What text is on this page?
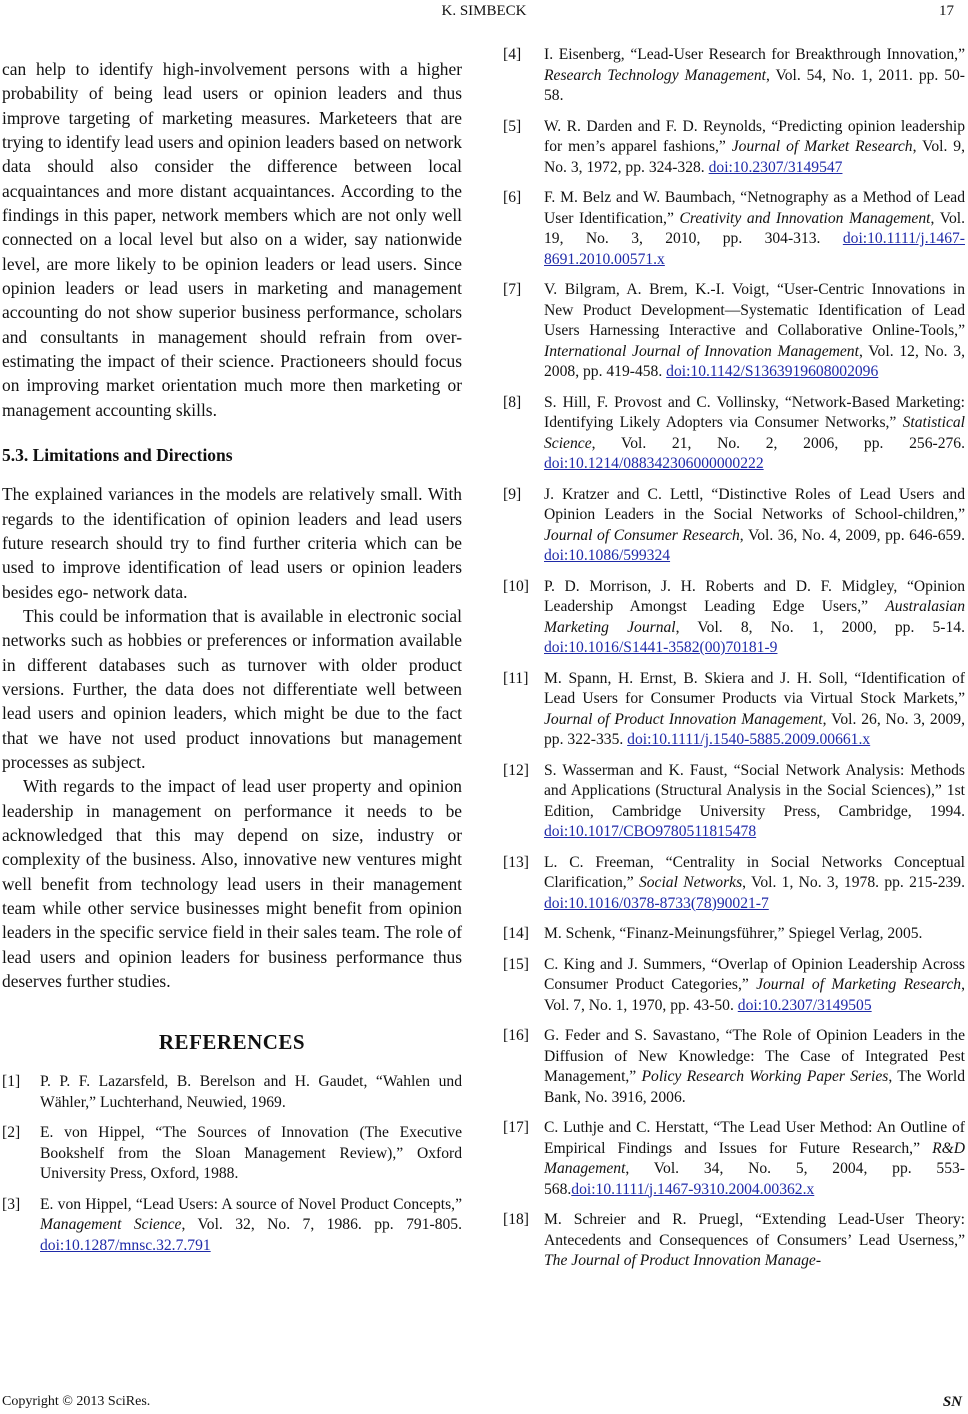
K. SIMBECK	17

can help to identify high-involvement persons with a higher probability of being lead users or opinion leaders and thus improve targeting of marketing measures. Marketeers that are trying to identify lead users and opinion leaders based on network data should also consider the difference between local acquaintances and more distant acquaintances. According to the findings in this paper, network members which are not only well connected on a local level but also on a wider, say nationwide level, are more likely to be opinion leaders or lead users. Since opinion leaders or lead users in marketing and management accounting do not show superior business performance, scholars and consultants in management should refrain from over-estimating the impact of their science. Practioneers should focus on improving market orientation much more then marketing or management accounting skills.

5.3. Limitations and Directions

The explained variances in the models are relatively small. With regards to the identification of opinion leaders and lead users future research should try to find further criteria which can be used to improve identification of lead users or opinion leaders besides ego- network data.

This could be information that is available in electronic social networks such as hobbies or preferences or information available in different databases such as turnover with older product versions. Further, the data does not differentiate well between lead users and opinion leaders, which might be due to the fact that we have not used product innovations but management processes as subject.

With regards to the impact of lead user property and opinion leadership in management on performance it needs to be acknowledged that this may depend on size, industry or complexity of the business. Also, innovative new ventures might well benefit from technology lead users in their management team while other service businesses might benefit from opinion leaders in the specific service field in their sales team. The role of lead users and opinion leaders for business performance thus deserves further studies.

REFERENCES
[1] P. P. F. Lazarsfeld, B. Berelson and H. Gaudet, “Wahlen und Wähler,” Luchterhand, Neuwied, 1969.
[2] E. von Hippel, “The Sources of Innovation (The Executive Bookshelf from the Sloan Management Review),” Oxford University Press, Oxford, 1988.
[3] E. von Hippel, “Lead Users: A source of Novel Product Concepts,” Management Science, Vol. 32, No. 7, 1986. pp. 791-805. doi:10.1287/mnsc.32.7.791
[4] I. Eisenberg, “Lead-User Research for Breakthrough Innovation,” Research Technology Management, Vol. 54, No. 1, 2011. pp. 50-58.
[5] W. R. Darden and F. D. Reynolds, “Predicting opinion leadership for men’s apparel fashions,” Journal of Market Research, Vol. 9, No. 3, 1972, pp. 324-328. doi:10.2307/3149547
[6] F. M. Belz and W. Baumbach, “Netnography as a Method of Lead User Identification,” Creativity and Innovation Management, Vol. 19, No. 3, 2010, pp. 304-313. doi:10.1111/j.1467-8691.2010.00571.x
[7] V. Bilgram, A. Brem, K.-I. Voigt, “User-Centric Innovations in New Product Development—Systematic Identification of Lead Users Harnessing Interactive and Collaborative Online-Tools,” International Journal of Innovation Management, Vol. 12, No. 3, 2008, pp. 419-458. doi:10.1142/S1363919608002096
[8] S. Hill, F. Provost and C. Vollinsky, “Network-Based Marketing: Identifying Likely Adopters via Consumer Networks,” Statistical Science, Vol. 21, No. 2, 2006, pp. 256-276. doi:10.1214/088342306000000222
[9] J. Kratzer and C. Lettl, “Distinctive Roles of Lead Users and Opinion Leaders in the Social Networks of School-children,” Journal of Consumer Research, Vol. 36, No. 4, 2009, pp. 646-659. doi:10.1086/599324
[10] P. D. Morrison, J. H. Roberts and D. F. Midgley, “Opinion Leadership Amongst Leading Edge Users,” Australasian Marketing Journal, Vol. 8, No. 1, 2000, pp. 5-14. doi:10.1016/S1441-3582(00)70181-9
[11] M. Spann, H. Ernst, B. Skiera and J. H. Soll, “Identification of Lead Users for Consumer Products via Virtual Stock Markets,” Journal of Product Innovation Management, Vol. 26, No. 3, 2009, pp. 322-335. doi:10.1111/j.1540-5885.2009.00661.x
[12] S. Wasserman and K. Faust, “Social Network Analysis: Methods and Applications (Structural Analysis in the Social Sciences),” 1st Edition, Cambridge University Press, Cambridge, 1994. doi:10.1017/CBO9780511815478
[13] L. C. Freeman, “Centrality in Social Networks Conceptual Clarification,” Social Networks, Vol. 1, No. 3, 1978. pp. 215-239. doi:10.1016/0378-8733(78)90021-7
[14] M. Schenk, “Finanz-Meinungsführer,” Spiegel Verlag, 2005.
[15] C. King and J. Summers, “Overlap of Opinion Leadership Across Consumer Product Categories,” Journal of Marketing Research, Vol. 7, No. 1, 1970, pp. 43-50. doi:10.2307/3149505
[16] G. Feder and S. Savastano, “The Role of Opinion Leaders in the Diffusion of New Knowledge: The Case of Integrated Pest Management,” Policy Research Working Paper Series, The World Bank, No. 3916, 2006.
[17] C. Luthje and C. Herstatt, “The Lead User Method: An Outline of Empirical Findings and Issues for Future Research,” R&D Management, Vol. 34, No. 5, 2004, pp. 553-568.doi:10.1111/j.1467-9310.2004.00362.x
[18] M. Schreier and R. Pruegl, “Extending Lead-User Theory: Antecedents and Consequences of Consumers’ Lead Userness,” The Journal of Product Innovation Manage-
Copyright © 2013 SciRes.	SN
